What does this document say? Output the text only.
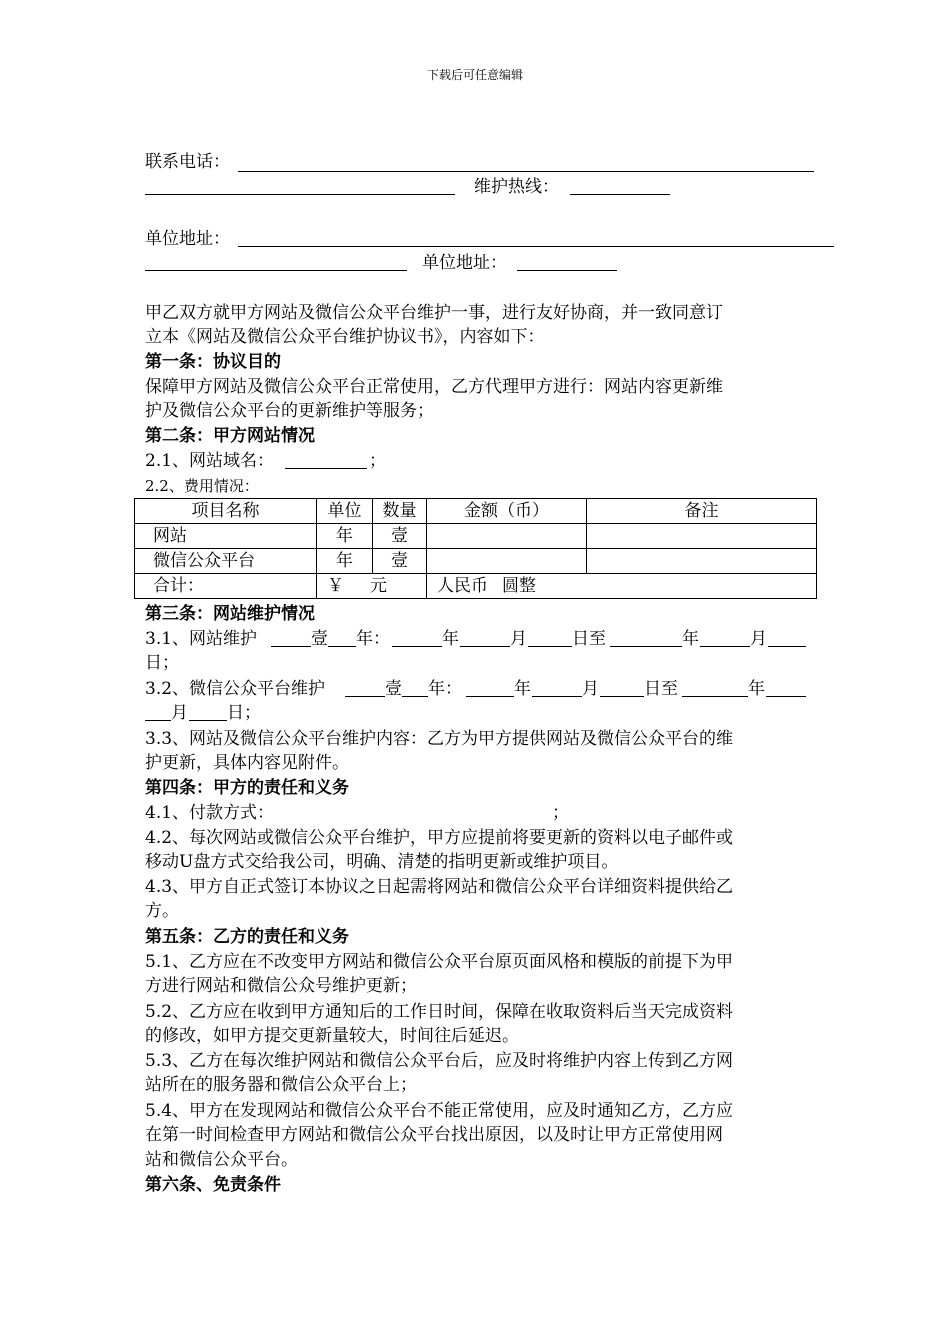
下载后可任意编辑
联系电话：
维护热线：
单位地址：
单位地址：
甲乙双方就甲方网站及微信公众平台维护一事，进行友好协商，并一致同意订
立本《网站及微信公众平台维护协议书》，内容如下：
第一条：协议目的
保障甲方网站及微信公众平台正常使用，乙方代理甲方进行：网站内容更新维
护及微信公众平台的更新维护等服务；
第二条：甲方网站情况
2.1、网站域名：	；
2.2、费用情况：
项目名称	单位	数量	金额（币）	备注
网站	年	壹		
微信公众平台	年	壹		
合计：	￥ 元		人民币 圆整	
第三条：网站维护情况
3.1、网站维护	壹 年：	年	月	日至	年	月
日；
3.2、微信公众平台维护	壹 年：	年	月	日至	年
月 日；
3.3、网站及微信公众平台维护内容：乙方为甲方提供网站及微信公众平台的维
护更新，具体内容见附件。
第四条：甲方的责任和义务
4.1、付款方式：	；
4.2、每次网站或微信公众平台维护，甲方应提前将要更新的资料以电子邮件或
移动U盘方式交给我公司，明确、清楚的指明更新或维护项目。
4.3、甲方自正式签订本协议之日起需将网站和微信公众平台详细资料提供给乙
方。
第五条：乙方的责任和义务
5.1、乙方应在不改变甲方网站和微信公众平台原页面风格和模版的前提下为甲
方进行网站和微信公众号维护更新；
5.2、乙方应在收到甲方通知后的工作日时间，保障在收取资料后当天完成资料
的修改，如甲方提交更新量较大，时间往后延迟。
5.3、乙方在每次维护网站和微信公众平台后，应及时将维护内容上传到乙方网
站所在的服务器和微信公众平台上；
5.4、甲方在发现网站和微信公众平台不能正常使用，应及时通知乙方，乙方应
在第一时间检查甲方网站和微信公众平台找出原因，以及时让甲方正常使用网
站和微信公众平台。
第六条、免责条件
